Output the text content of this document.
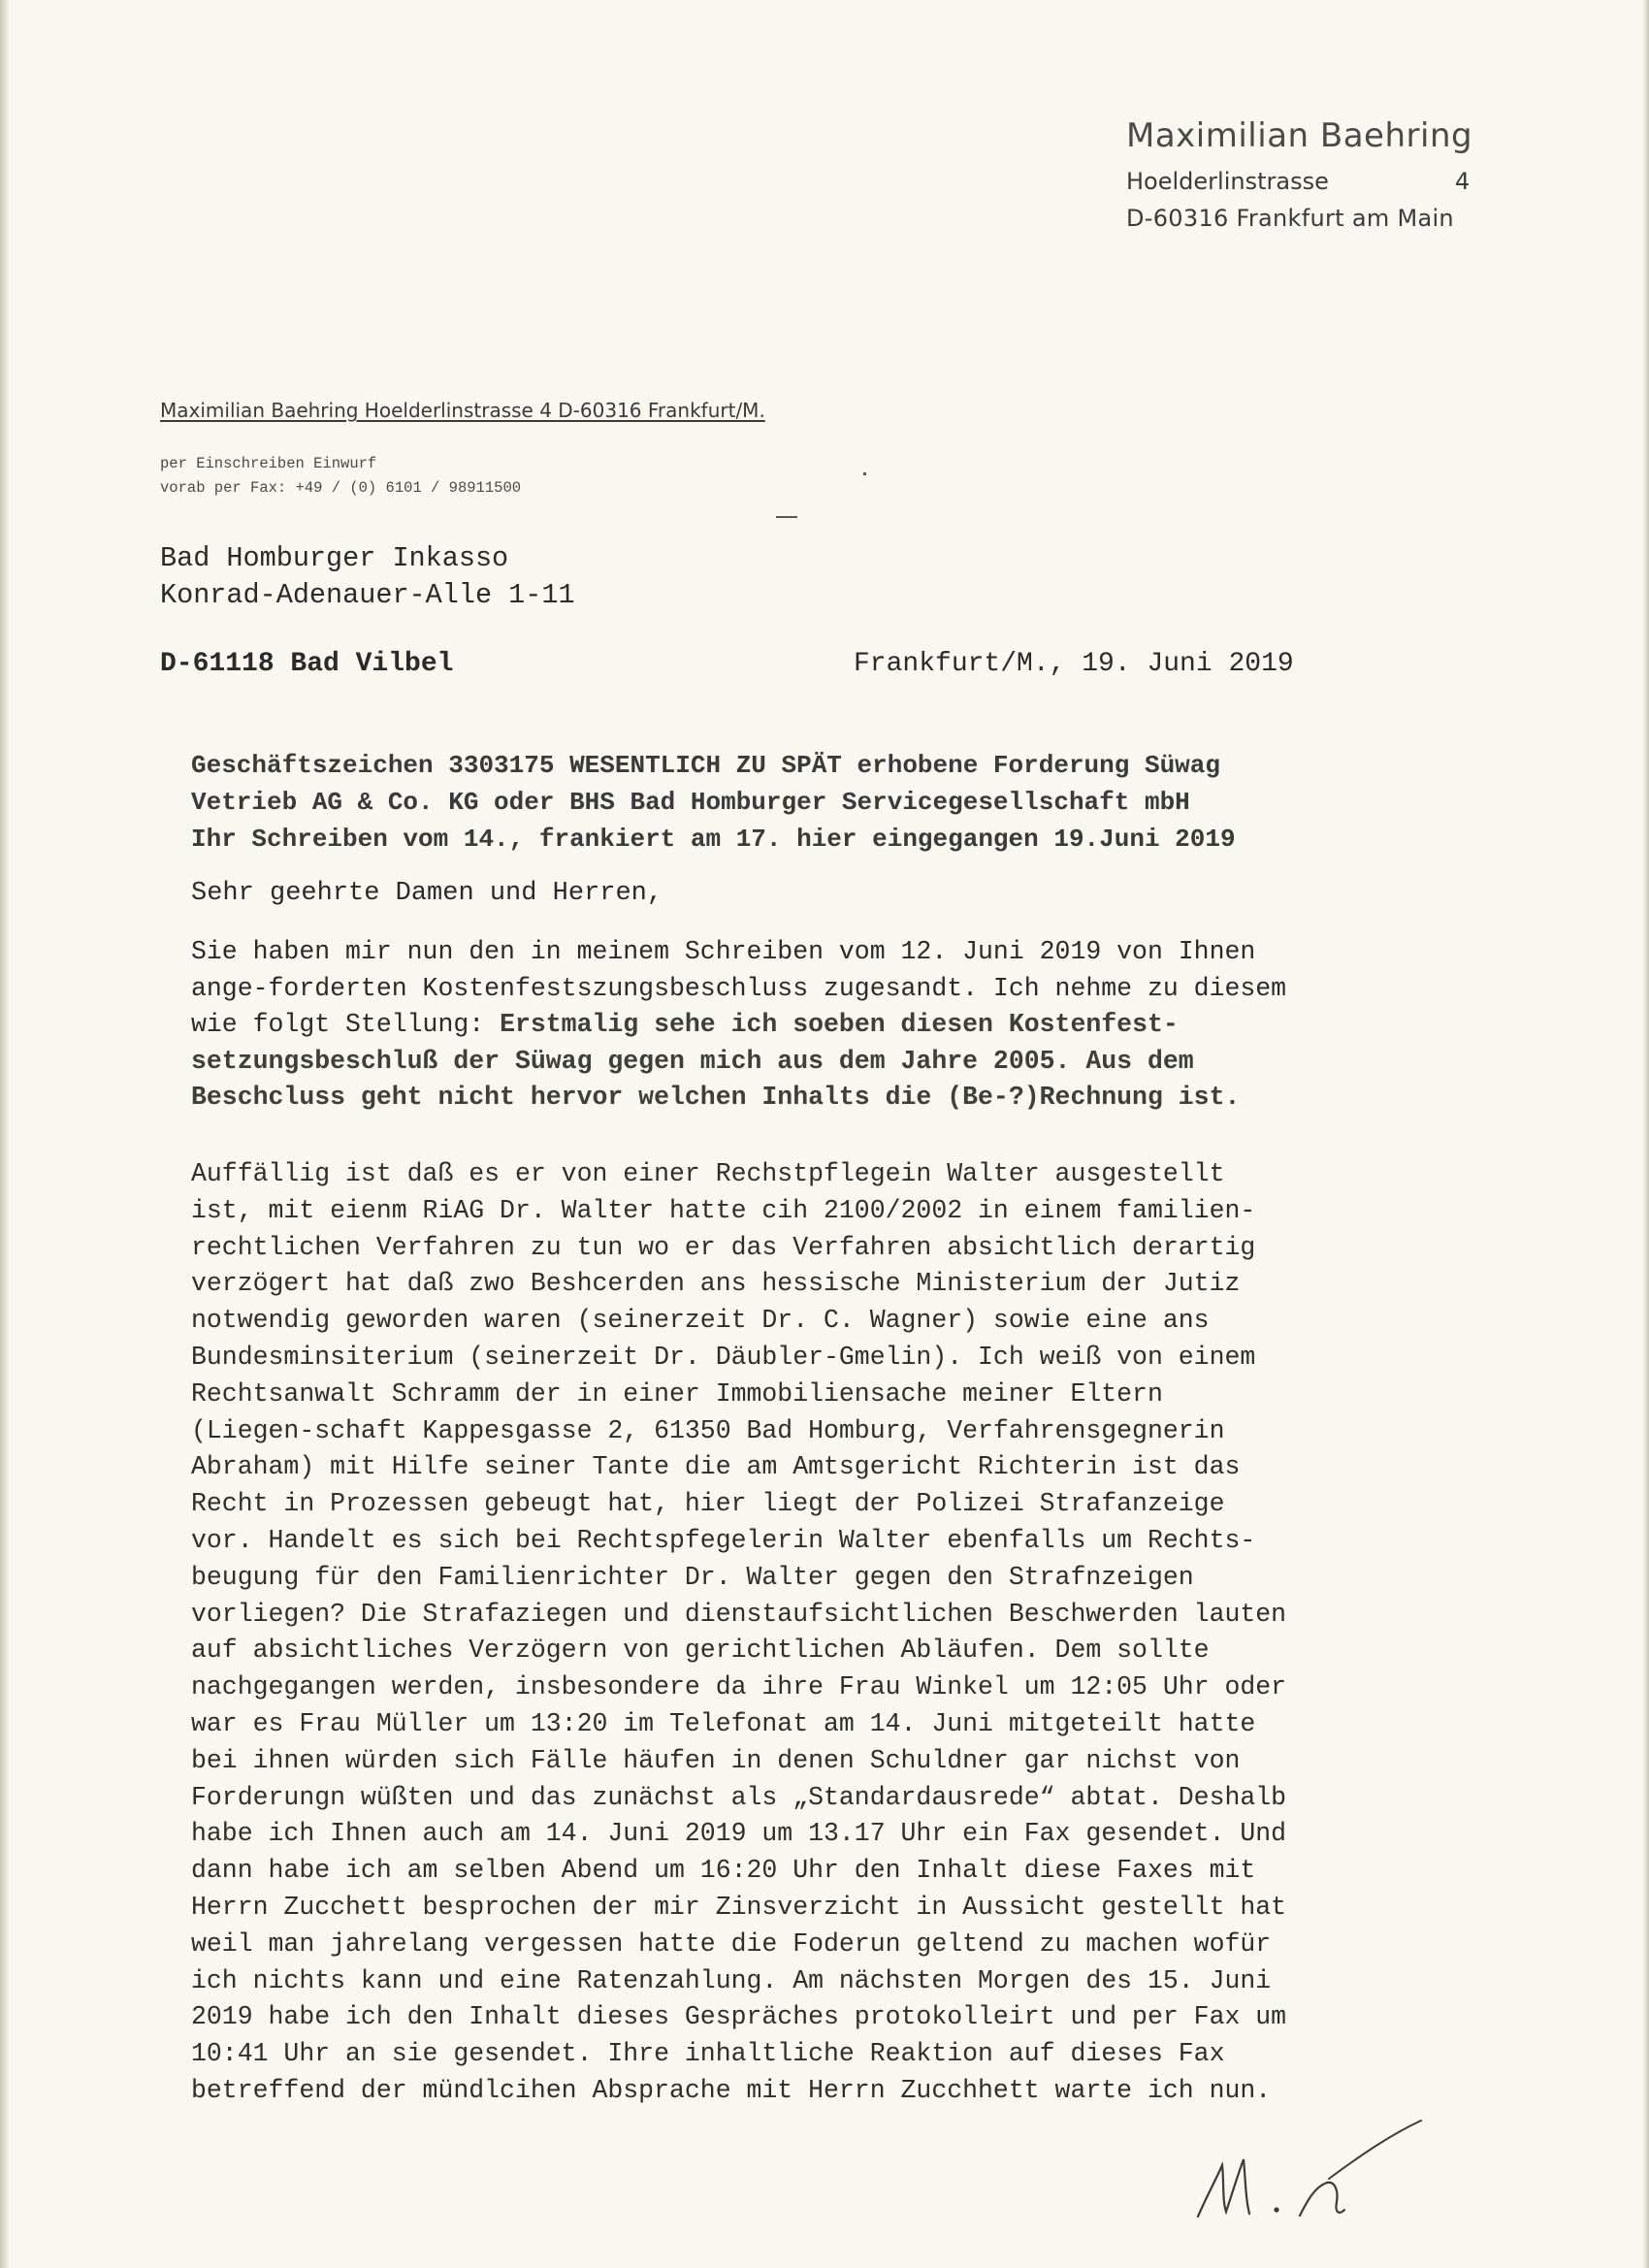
Maximilian Baehring
Hoelderlinstrasse	4
D-60316 Frankfurt am Main
Maximilian Baehring Hoelderlinstrasse 4 D-60316 Frankfurt/M.
per Einschreiben Einwurf
vorab per Fax: +49 / (0) 6101 / 98911500
Bad Homburger Inkasso
Konrad-Adenauer-Alle 1-11
D-61118 Bad Vilbel	Frankfurt/M., 19. Juni 2019
Geschäftszeichen 3303175 WESENTLICH ZU SPÄT erhobene Forderung Süwag
Vetrieb AG & Co. KG oder BHS Bad Homburger Servicegesellschaft mbH
Ihr Schreiben vom 14., frankiert am 17. hier eingegangen 19.Juni 2019
Sehr geehrte Damen und Herren,
Sie haben mir nun den in meinem Schreiben vom 12. Juni 2019 von Ihnen
ange-forderten Kostenfestszungsbeschluss zugesandt. Ich nehme zu diesem
wie folgt Stellung: Erstmalig sehe ich soeben diesen Kostenfest-
setzungsbeschluß der Süwag gegen mich aus dem Jahre 2005. Aus dem
Beschcluss geht nicht hervor welchen Inhalts die (Be-?)Rechnung ist.
Auffällig ist daß es er von einer Rechstpflegein Walter ausgestellt
ist, mit eienm RiAG Dr. Walter hatte cih 2100/2002 in einem familien-
rechtlichen Verfahren zu tun wo er das Verfahren absichtlich derartig
verzögert hat daß zwo Beshcerden ans hessische Ministerium der Jutiz
notwendig geworden waren (seinerzeit Dr. C. Wagner) sowie eine ans
Bundesminsiterium (seinerzeit Dr. Däubler-Gmelin). Ich weiß von einem
Rechtsanwalt Schramm der in einer Immobiliensache meiner Eltern
(Liegen-schaft Kappesgasse 2, 61350 Bad Homburg, Verfahrensgegnerin
Abraham) mit Hilfe seiner Tante die am Amtsgericht Richterin ist das
Recht in Prozessen gebeugt hat, hier liegt der Polizei Strafanzeige
vor. Handelt es sich bei Rechtspfegelerin Walter ebenfalls um Rechts-
beugung für den Familienrichter Dr. Walter gegen den Strafnzeigen
vorliegen? Die Strafaziegen und dienstaufsichtlichen Beschwerden lauten
auf absichtliches Verzögern von gerichtlichen Abläufen. Dem sollte
nachgegangen werden, insbesondere da ihre Frau Winkel um 12:05 Uhr oder
war es Frau Müller um 13:20 im Telefonat am 14. Juni mitgeteilt hatte
bei ihnen würden sich Fälle häufen in denen Schuldner gar nichst von
Forderungn wüßten und das zunächst als „Standardausrede“ abtat. Deshalb
habe ich Ihnen auch am 14. Juni 2019 um 13.17 Uhr ein Fax gesendet. Und
dann habe ich am selben Abend um 16:20 Uhr den Inhalt diese Faxes mit
Herrn Zucchett besprochen der mir Zinsverzicht in Aussicht gestellt hat
weil man jahrelang vergessen hatte die Foderun geltend zu machen wofür
ich nichts kann und eine Ratenzahlung. Am nächsten Morgen des 15. Juni
2019 habe ich den Inhalt dieses Gespräches protokolleirt und per Fax um
10:41 Uhr an sie gesendet. Ihre inhaltliche Reaktion auf dieses Fax
betreffend der mündlcihen Absprache mit Herrn Zucchhett warte ich nun.
